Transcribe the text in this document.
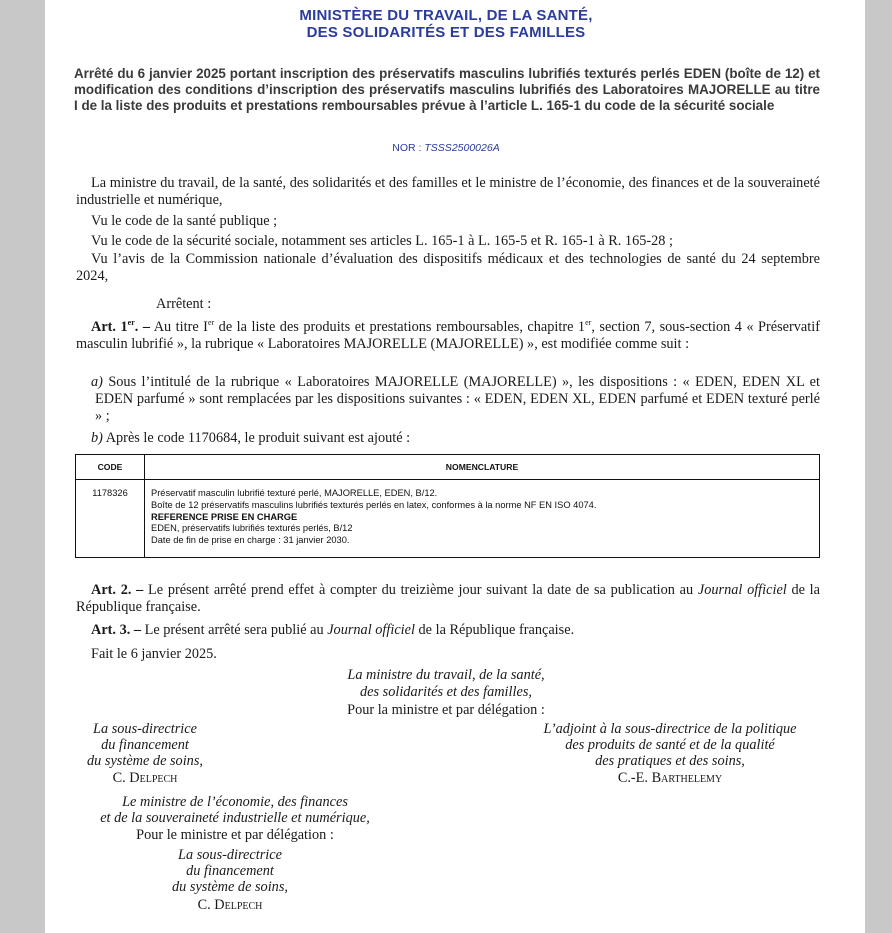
MINISTÈRE DU TRAVAIL, DE LA SANTÉ,
DES SOLIDARITÉS ET DES FAMILLES
Arrêté du 6 janvier 2025 portant inscription des préservatifs masculins lubrifiés texturés perlés EDEN (boîte de 12) et modification des conditions d’inscription des préservatifs masculins lubrifiés des Laboratoires MAJORELLE au titre I de la liste des produits et prestations remboursables prévue à l’article L. 165-1 du code de la sécurité sociale
NOR : TSSS2500026A
La ministre du travail, de la santé, des solidarités et des familles et le ministre de l’économie, des finances et de la souveraineté industrielle et numérique,
Vu le code de la santé publique ;
Vu le code de la sécurité sociale, notamment ses articles L. 165-1 à L. 165-5 et R. 165-1 à R. 165-28 ;
Vu l’avis de la Commission nationale d’évaluation des dispositifs médicaux et des technologies de santé du 24 septembre 2024,
Arrêtent :
Art. 1er. – Au titre Ier de la liste des produits et prestations remboursables, chapitre 1er, section 7, sous-section 4 « Préservatif masculin lubrifié », la rubrique « Laboratoires MAJORELLE (MAJORELLE) », est modifiée comme suit :
a) Sous l’intitulé de la rubrique « Laboratoires MAJORELLE (MAJORELLE) », les dispositions : « EDEN, EDEN XL et EDEN parfumé » sont remplacées par les dispositions suivantes : « EDEN, EDEN XL, EDEN parfumé et EDEN texturé perlé » ;
b) Après le code 1170684, le produit suivant est ajouté :
CODE	NOMENCLATURE
1178326	Préservatif masculin lubrifié texturé perlé, MAJORELLE, EDEN, B/12.
Boîte de 12 préservatifs masculins lubrifiés texturés perlés en latex, conformes à la norme NF EN ISO 4074.
REFERENCE PRISE EN CHARGE
EDEN, préservatifs lubrifiés texturés perlés, B/12
Date de fin de prise en charge : 31 janvier 2030.
Art. 2. – Le présent arrêté prend effet à compter du treizième jour suivant la date de sa publication au Journal officiel de la République française.
Art. 3. – Le présent arrêté sera publié au Journal officiel de la République française.
Fait le 6 janvier 2025.
La ministre du travail, de la santé,
des solidarités et des familles,
Pour la ministre et par délégation :
La sous-directrice
du financement
du système de soins,
C. Delpech
L’adjoint à la sous-directrice de la politique
des produits de santé et de la qualité
des pratiques et des soins,
C.-E. Barthelemy
Le ministre de l’économie, des finances
et de la souveraineté industrielle et numérique,
Pour le ministre et par délégation :
La sous-directrice
du financement
du système de soins,
C. Delpech
